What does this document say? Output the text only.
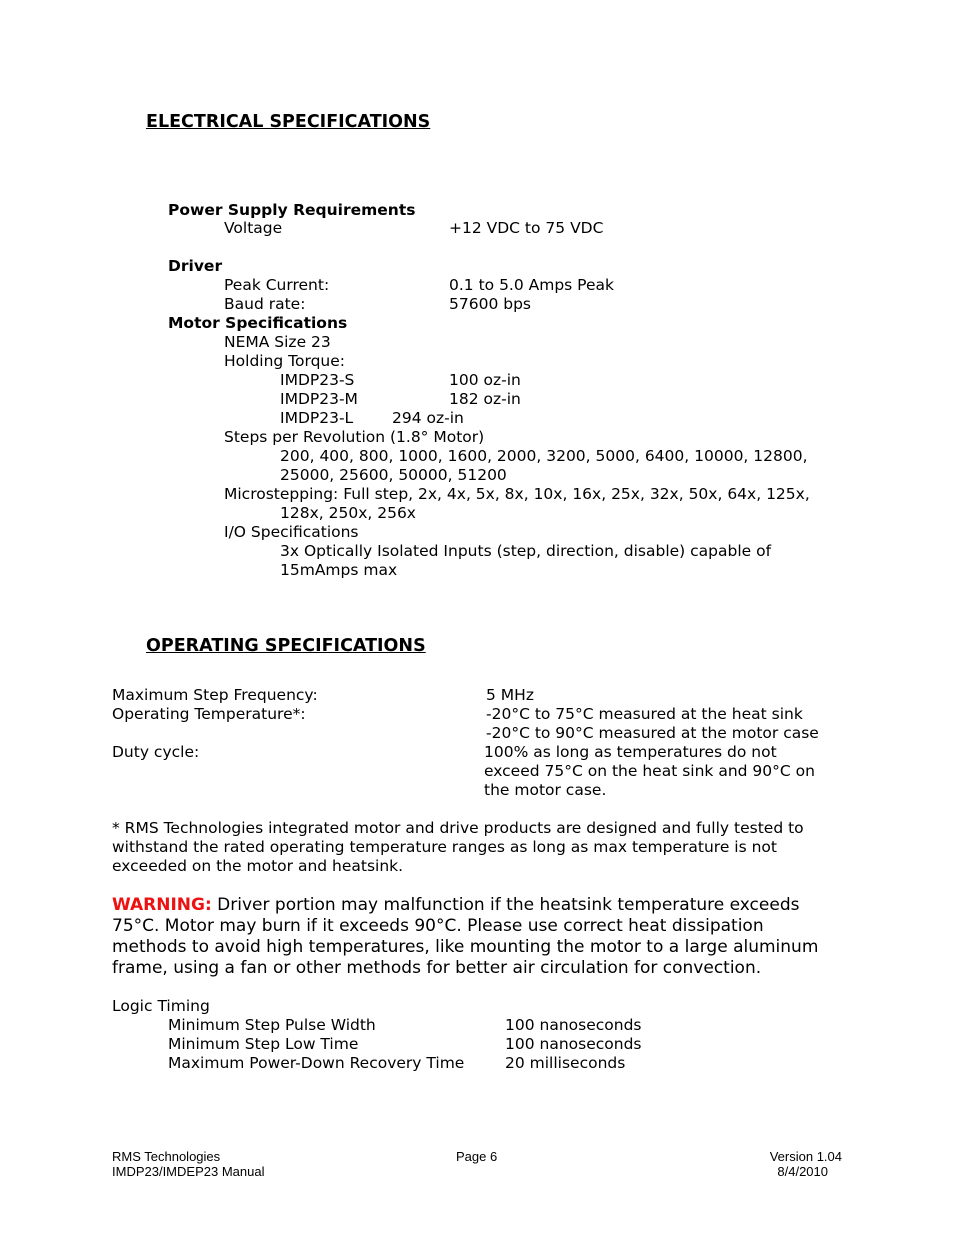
ELECTRICAL SPECIFICATIONS
Power Supply Requirements
Voltage	+12 VDC to 75 VDC
Driver
Peak Current:	0.1 to 5.0 Amps Peak
Baud rate:	57600 bps
Motor Specifications
NEMA Size 23
Holding Torque:
IMDP23-S	100 oz-in
IMDP23-M	182 oz-in
IMDP23-L	294 oz-in
Steps per Revolution (1.8° Motor)
200, 400, 800, 1000, 1600, 2000, 3200, 5000, 6400, 10000, 12800,
25000, 25600, 50000, 51200
Microstepping: Full step, 2x, 4x, 5x, 8x, 10x, 16x, 25x, 32x, 50x, 64x, 125x,
128x, 250x, 256x
I/O Specifications
3x Optically Isolated Inputs (step, direction, disable) capable of
15mAmps max
OPERATING SPECIFICATIONS
Maximum Step Frequency:	5 MHz
Operating Temperature*:	-20°C to 75°C measured at the heat sink
-20°C to 90°C measured at the motor case
Duty cycle:	100% as long as temperatures do not
exceed 75°C on the heat sink and 90°C on
the motor case.
* RMS Technologies integrated motor and drive products are designed and fully tested to
withstand the rated operating temperature ranges as long as max temperature is not
exceeded on the motor and heatsink.
WARNING: Driver portion may malfunction if the heatsink temperature exceeds
75°C. Motor may burn if it exceeds 90°C. Please use correct heat dissipation
methods to avoid high temperatures, like mounting the motor to a large aluminum
frame, using a fan or other methods for better air circulation for convection.
Logic Timing
Minimum Step Pulse Width	100 nanoseconds
Minimum Step Low Time	100 nanoseconds
Maximum Power-Down Recovery Time	20 milliseconds
RMS Technologies
IMDP23/IMDEP23 Manual
Page 6	Version 1.04
8/4/2010
